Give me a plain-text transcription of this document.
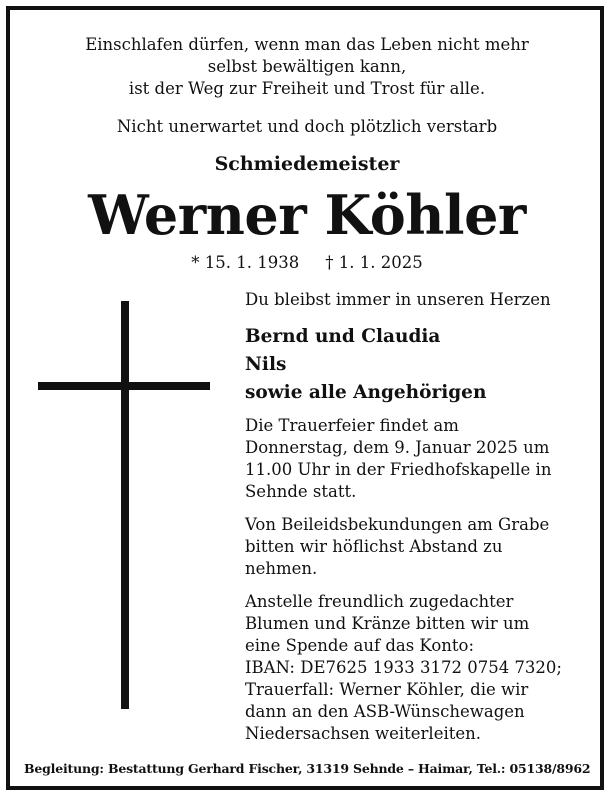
Einschlafen dürfen, wenn man das Leben nicht mehr
selbst bewältigen kann,
ist der Weg zur Freiheit und Trost für alle.
Nicht unerwartet und doch plötzlich verstarb
Schmiedemeister
Werner Köhler
* 15. 1. 1938 † 1. 1. 2025
Du bleibst immer in unseren Herzen
Bernd und Claudia
Nils
sowie alle Angehörigen
Die Trauerfeier findet am
Donnerstag, dem 9. Januar 2025 um
11.00 Uhr in der Friedhofskapelle in
Sehnde statt.
Von Beileidsbekundungen am Grabe
bitten wir höflichst Abstand zu
nehmen.
Anstelle freundlich zugedachter
Blumen und Kränze bitten wir um
eine Spende auf das Konto:
IBAN: DE7625 1933 3172 0754 7320;
Trauerfall: Werner Köhler, die wir
dann an den ASB-Wünschewagen
Niedersachsen weiterleiten.
Begleitung: Bestattung Gerhard Fischer, 31319 Sehnde – Haimar, Tel.: 05138/8962
